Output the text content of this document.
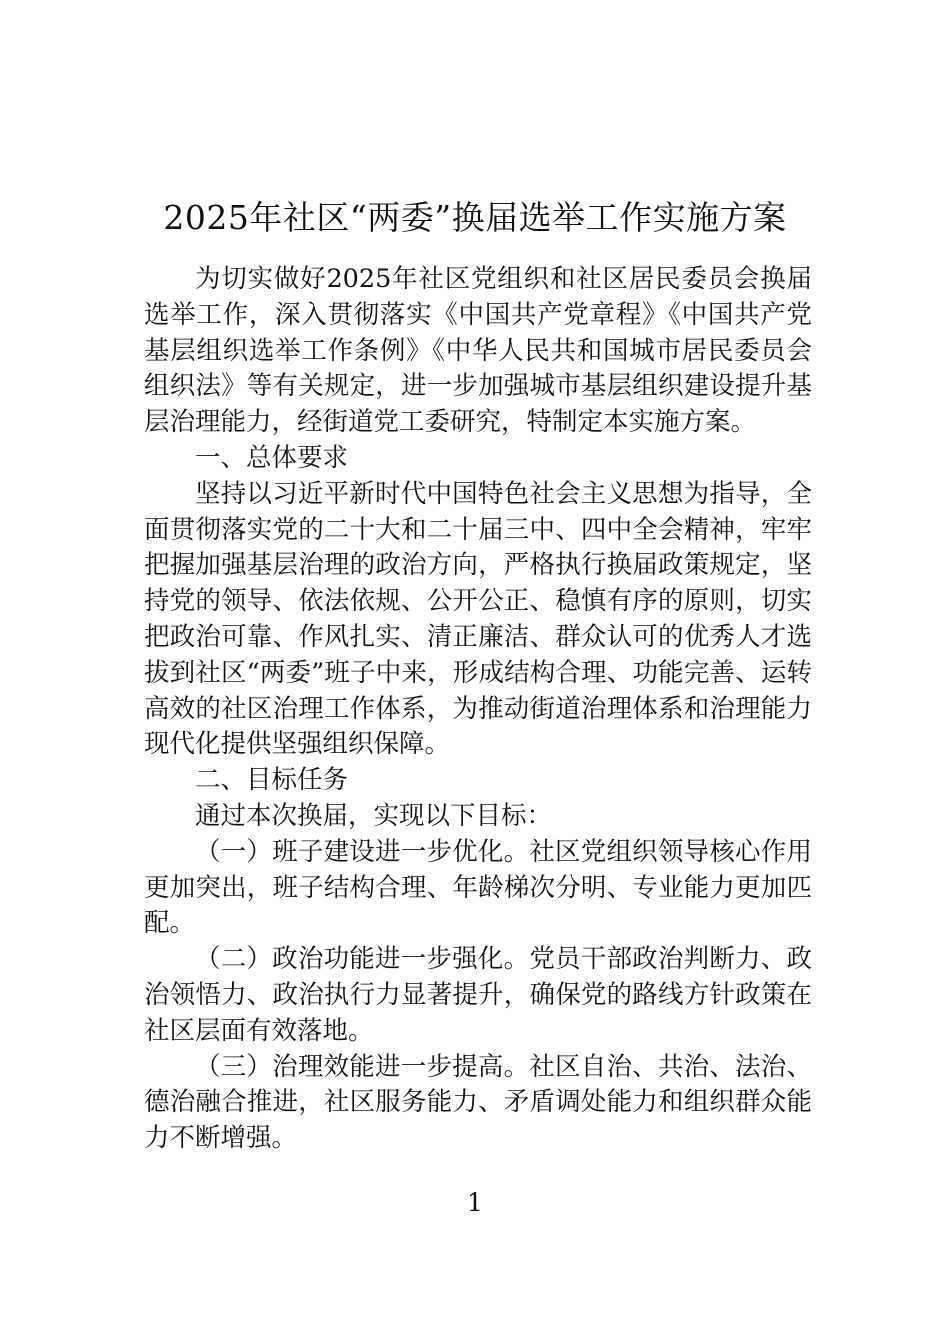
2025年社区“两委”换届选举工作实施方案

为切实做好2025年社区党组织和社区居民委员会换届选举工作，深入贯彻落实《中国共产党章程》《中国共产党基层组织选举工作条例》《中华人民共和国城市居民委员会组织法》等有关规定，进一步加强城市基层组织建设提升基层治理能力，经街道党工委研究，特制定本实施方案。

一、总体要求

坚持以习近平新时代中国特色社会主义思想为指导，全面贯彻落实党的二十大和二十届三中、四中全会精神，牢牢把握加强基层治理的政治方向，严格执行换届政策规定，坚持党的领导、依法依规、公开公正、稳慎有序的原则，切实把政治可靠、作风扎实、清正廉洁、群众认可的优秀人才选拔到社区“两委”班子中来，形成结构合理、功能完善、运转高效的社区治理工作体系，为推动街道治理体系和治理能力现代化提供坚强组织保障。

二、目标任务

通过本次换届，实现以下目标：

（一）班子建设进一步优化。社区党组织领导核心作用更加突出，班子结构合理、年龄梯次分明、专业能力更加匹配。

（二）政治功能进一步强化。党员干部政治判断力、政治领悟力、政治执行力显著提升，确保党的路线方针政策在社区层面有效落地。

（三）治理效能进一步提高。社区自治、共治、法治、德治融合推进，社区服务能力、矛盾调处能力和组织群众能力不断增强。

1
